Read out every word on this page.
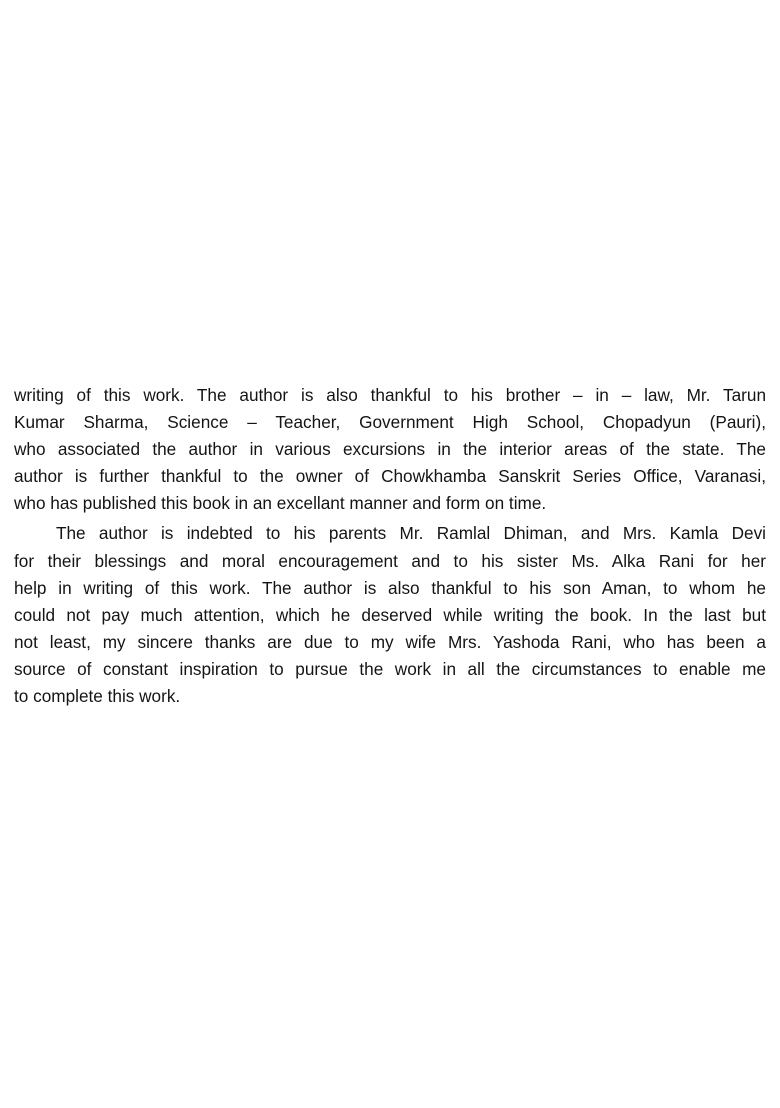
writing of this work. The author is also thankful to his brother – in – law, Mr. Tarun
Kumar Sharma, Science – Teacher, Government High School, Chopadyun (Pauri),
who associated the author in various excursions in the interior areas of the state. The
author is further thankful to the owner of Chowkhamba Sanskrit Series Office, Varanasi,
who has published this book in an excellant manner and form on time.
The author is indebted to his parents Mr. Ramlal Dhiman, and Mrs. Kamla Devi
for their blessings and moral encouragement and to his sister Ms. Alka Rani for her
help in writing of this work. The author is also thankful to his son Aman, to whom he
could not pay much attention, which he deserved while writing the book. In the last but
not least, my sincere thanks are due to my wife Mrs. Yashoda Rani, who has been a
source of constant inspiration to pursue the work in all the circumstances to enable me
to complete this work.
